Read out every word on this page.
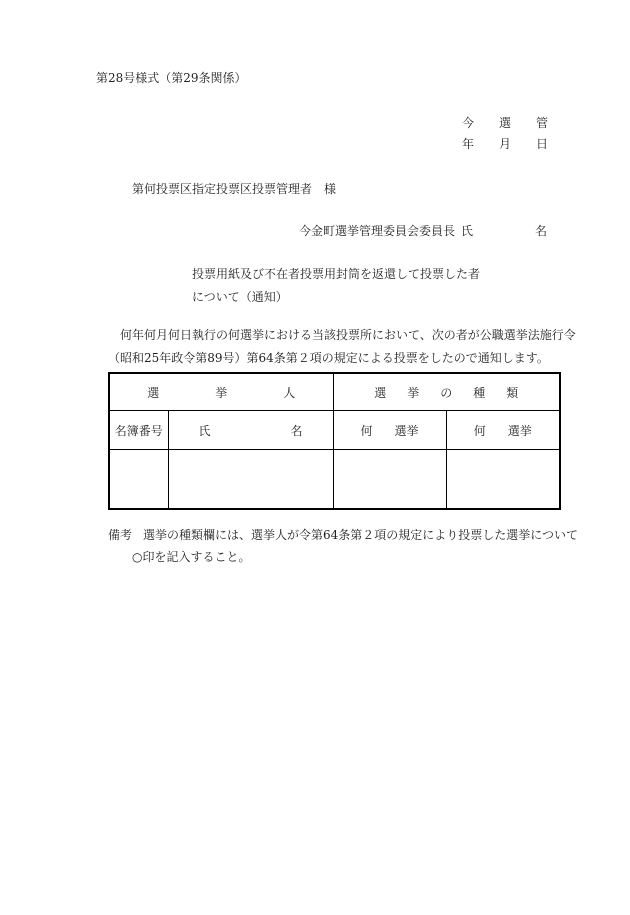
第28号様式（第29条関係）
今 選 管
年 月 日
第何投票区指定投票区投票管理者　様
今金町選挙管理委員会委員長 氏	名
投票用紙及び不在者投票用封筒を返還して投票した者
について（通知）
何年何月何日執行の何選挙における当該投票所において、次の者が公職選挙法施行令
（昭和25年政令第89号）第64条第２項の規定による投票をしたので通知します。
選 挙 人		選 挙 の 種 類	

名簿番号	氏 名	何 選挙	何 選挙

備考 選挙の種類欄には、選挙人が令第64条第２項の規定により投票した選挙について
○印を記入すること。
